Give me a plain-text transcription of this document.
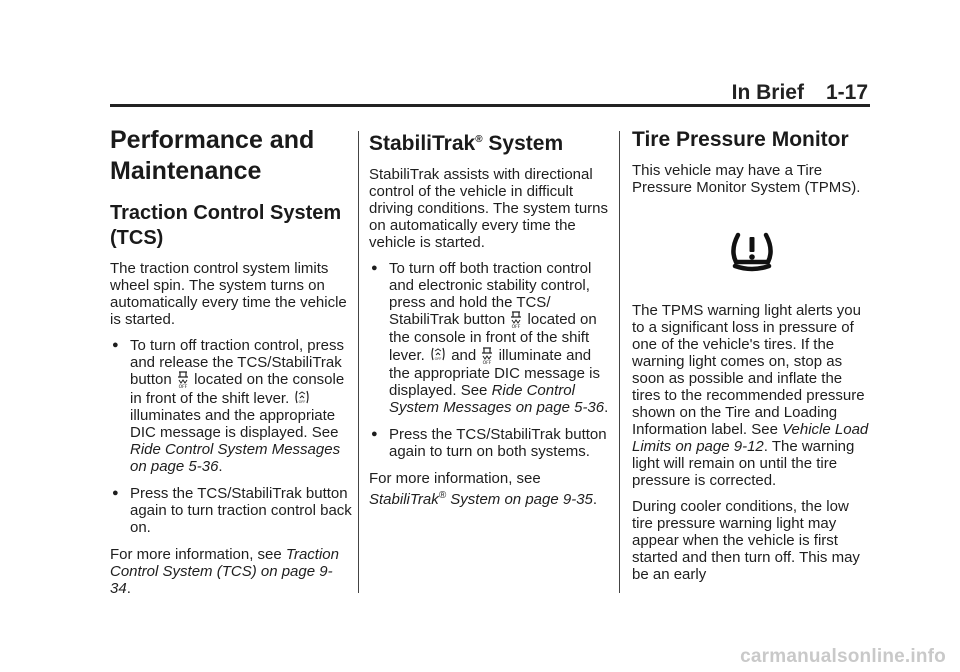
In Brief 1-17
Performance and Maintenance
Traction Control System (TCS)

The traction control system limits wheel spin. The system turns on automatically every time the vehicle is started.

● To turn off traction control, press and release the TCS/StabiliTrak button OFF located on the console in front of the shift lever.	OFF
illuminates and the appropriate DIC message is displayed. See Ride Control System Messages on page 5-36.
● Press the TCS/StabiliTrak button again to turn traction control back on.

For more information, see Traction Control System (TCS) on page 9-34.

StabiliTrak® System

StabiliTrak assists with directional control of the vehicle in difficult driving conditions. The system turns on automatically every time the vehicle is started.

● To turn off both traction control and electronic stability control, press and hold the TCS/ StabiliTrak button OFF located on the console in front of the shift lever.	OFF and OFF illuminate and the appropriate DIC message is displayed. See Ride Control System Messages on page 5-36.
● Press the TCS/StabiliTrak button again to turn on both systems.

For more information, see
StabiliTrak® System on page 9-35.

Tire Pressure Monitor

This vehicle may have a Tire Pressure Monitor System (TPMS).

The TPMS warning light alerts you to a significant loss in pressure of one of the vehicle's tires. If the warning light comes on, stop as soon as possible and inflate the tires to the recommended pressure shown on the Tire and Loading Information label. See Vehicle Load Limits on page 9-12. The warning light will remain on until the tire pressure is corrected.

During cooler conditions, the low tire pressure warning light may appear when the vehicle is first started and then turn off. This may be an early

carmanualsonline.info
